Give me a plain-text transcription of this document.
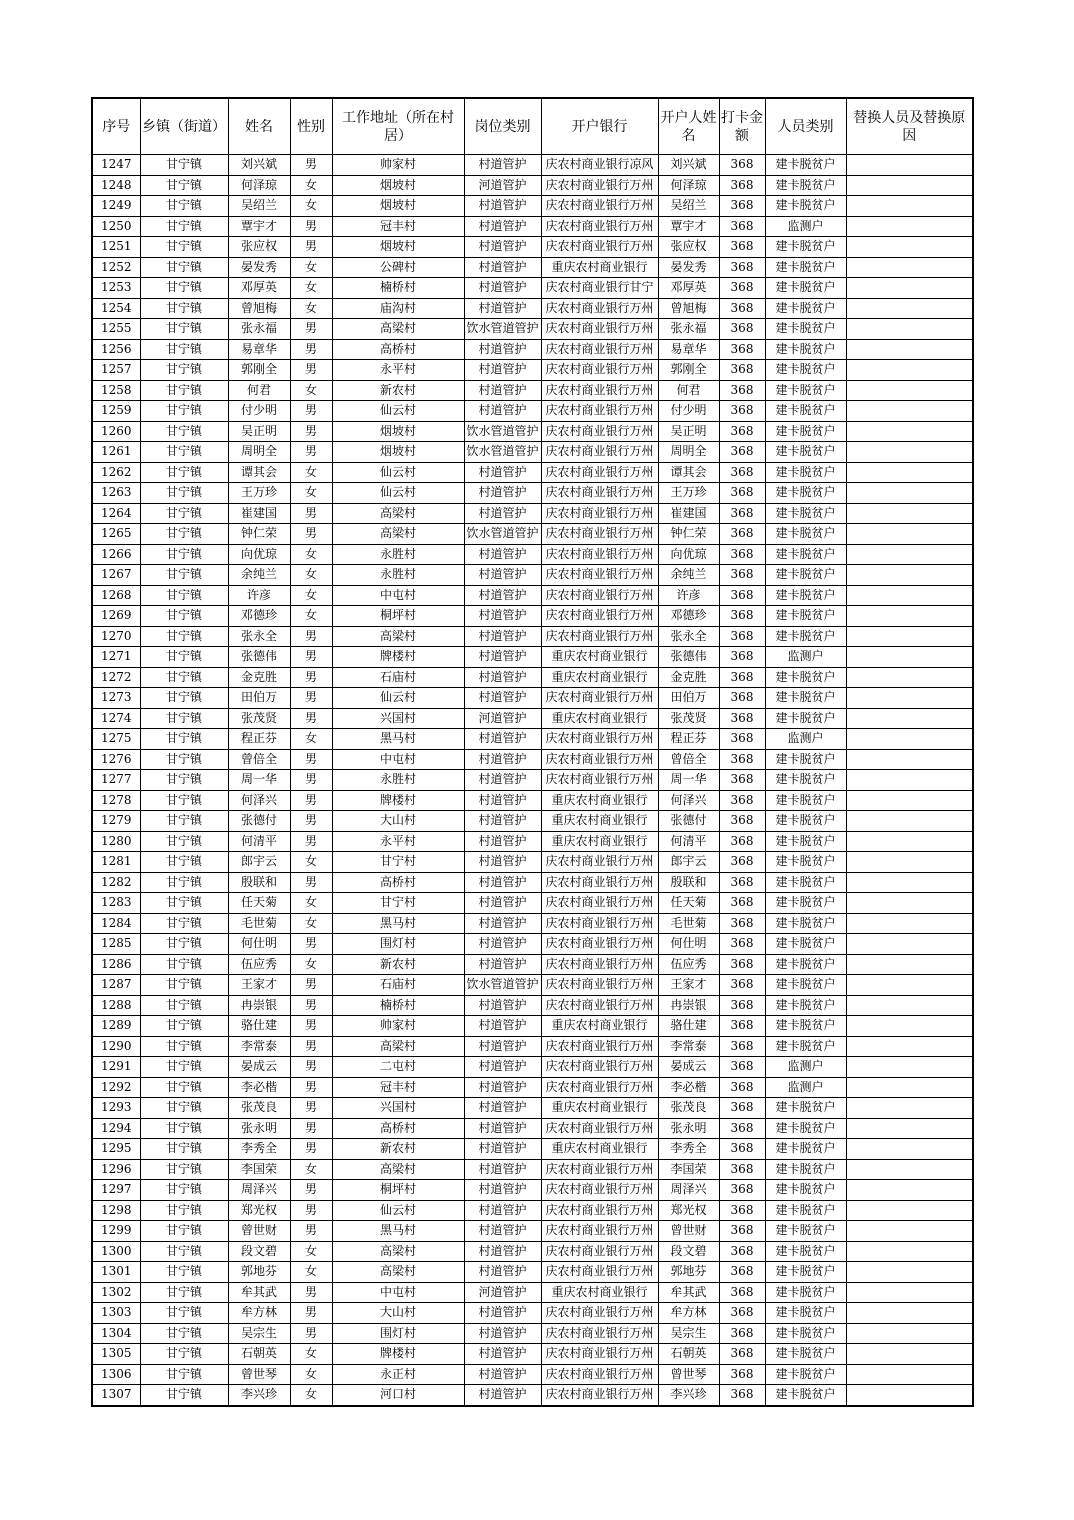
序号	乡镇（街道）	姓名	性别	工作地址（所在村居）	岗位类别	开户银行	开户人姓名	打卡金额	人员类别	替换人员及替换原因
1247	甘宁镇	刘兴斌	男	帅家村	村道管护	庆农村商业银行凉风	刘兴斌	368	建卡脱贫户	
1248	甘宁镇	何泽琼	女	烟坡村	河道管护	庆农村商业银行万州	何泽琼	368	建卡脱贫户	
1249	甘宁镇	吴绍兰	女	烟坡村	村道管护	庆农村商业银行万州	吴绍兰	368	建卡脱贫户	
1250	甘宁镇	覃宇才	男	冠丰村	村道管护	庆农村商业银行万州	覃宇才	368	监测户	
1251	甘宁镇	张应权	男	烟坡村	村道管护	庆农村商业银行万州	张应权	368	建卡脱贫户	
1252	甘宁镇	晏发秀	女	公碑村	村道管护	重庆农村商业银行	晏发秀	368	建卡脱贫户	
1253	甘宁镇	邓厚英	女	楠桥村	村道管护	庆农村商业银行甘宁	邓厚英	368	建卡脱贫户	
1254	甘宁镇	曾旭梅	女	庙沟村	村道管护	庆农村商业银行万州	曾旭梅	368	建卡脱贫户	
1255	甘宁镇	张永福	男	高梁村	饮水管道管护	庆农村商业银行万州	张永福	368	建卡脱贫户	
1256	甘宁镇	易章华	男	高桥村	村道管护	庆农村商业银行万州	易章华	368	建卡脱贫户	
1257	甘宁镇	郭刚全	男	永平村	村道管护	庆农村商业银行万州	郭刚全	368	建卡脱贫户	
1258	甘宁镇	何君	女	新农村	村道管护	庆农村商业银行万州	何君	368	建卡脱贫户	
1259	甘宁镇	付少明	男	仙云村	村道管护	庆农村商业银行万州	付少明	368	建卡脱贫户	
1260	甘宁镇	吴正明	男	烟坡村	饮水管道管护	庆农村商业银行万州	吴正明	368	建卡脱贫户	
1261	甘宁镇	周明全	男	烟坡村	饮水管道管护	庆农村商业银行万州	周明全	368	建卡脱贫户	
1262	甘宁镇	谭其会	女	仙云村	村道管护	庆农村商业银行万州	谭其会	368	建卡脱贫户	
1263	甘宁镇	王万珍	女	仙云村	村道管护	庆农村商业银行万州	王万珍	368	建卡脱贫户	
1264	甘宁镇	崔建国	男	高梁村	村道管护	庆农村商业银行万州	崔建国	368	建卡脱贫户	
1265	甘宁镇	钟仁荣	男	高梁村	饮水管道管护	庆农村商业银行万州	钟仁荣	368	建卡脱贫户	
1266	甘宁镇	向优琼	女	永胜村	村道管护	庆农村商业银行万州	向优琼	368	建卡脱贫户	
1267	甘宁镇	余纯兰	女	永胜村	村道管护	庆农村商业银行万州	余纯兰	368	建卡脱贫户	
1268	甘宁镇	许彦	女	中屯村	村道管护	庆农村商业银行万州	许彦	368	建卡脱贫户	
1269	甘宁镇	邓德珍	女	桐坪村	村道管护	庆农村商业银行万州	邓德珍	368	建卡脱贫户	
1270	甘宁镇	张永全	男	高梁村	村道管护	庆农村商业银行万州	张永全	368	建卡脱贫户	
1271	甘宁镇	张德伟	男	牌楼村	村道管护	重庆农村商业银行	张德伟	368	监测户	
1272	甘宁镇	金克胜	男	石庙村	村道管护	重庆农村商业银行	金克胜	368	建卡脱贫户	
1273	甘宁镇	田伯万	男	仙云村	村道管护	庆农村商业银行万州	田伯万	368	建卡脱贫户	
1274	甘宁镇	张茂贤	男	兴国村	河道管护	重庆农村商业银行	张茂贤	368	建卡脱贫户	
1275	甘宁镇	程正芬	女	黑马村	村道管护	庆农村商业银行万州	程正芬	368	监测户	
1276	甘宁镇	曾倍全	男	中屯村	村道管护	庆农村商业银行万州	曾倍全	368	建卡脱贫户	
1277	甘宁镇	周一华	男	永胜村	村道管护	庆农村商业银行万州	周一华	368	建卡脱贫户	
1278	甘宁镇	何泽兴	男	牌楼村	村道管护	重庆农村商业银行	何泽兴	368	建卡脱贫户	
1279	甘宁镇	张德付	男	大山村	村道管护	重庆农村商业银行	张德付	368	建卡脱贫户	
1280	甘宁镇	何清平	男	永平村	村道管护	重庆农村商业银行	何清平	368	建卡脱贫户	
1281	甘宁镇	郎宇云	女	甘宁村	村道管护	庆农村商业银行万州	郎宇云	368	建卡脱贫户	
1282	甘宁镇	殷联和	男	高桥村	村道管护	庆农村商业银行万州	殷联和	368	建卡脱贫户	
1283	甘宁镇	任天菊	女	甘宁村	村道管护	庆农村商业银行万州	任天菊	368	建卡脱贫户	
1284	甘宁镇	毛世菊	女	黑马村	村道管护	庆农村商业银行万州	毛世菊	368	建卡脱贫户	
1285	甘宁镇	何仕明	男	围灯村	村道管护	庆农村商业银行万州	何仕明	368	建卡脱贫户	
1286	甘宁镇	伍应秀	女	新农村	村道管护	庆农村商业银行万州	伍应秀	368	建卡脱贫户	
1287	甘宁镇	王家才	男	石庙村	饮水管道管护	庆农村商业银行万州	王家才	368	建卡脱贫户	
1288	甘宁镇	冉崇银	男	楠桥村	村道管护	庆农村商业银行万州	冉崇银	368	建卡脱贫户	
1289	甘宁镇	骆仕建	男	帅家村	村道管护	重庆农村商业银行	骆仕建	368	建卡脱贫户	
1290	甘宁镇	李常泰	男	高梁村	村道管护	庆农村商业银行万州	李常泰	368	建卡脱贫户	
1291	甘宁镇	晏成云	男	二屯村	村道管护	庆农村商业银行万州	晏成云	368	监测户	
1292	甘宁镇	李必楷	男	冠丰村	村道管护	庆农村商业银行万州	李必楷	368	监测户	
1293	甘宁镇	张茂良	男	兴国村	村道管护	重庆农村商业银行	张茂良	368	建卡脱贫户	
1294	甘宁镇	张永明	男	高桥村	村道管护	庆农村商业银行万州	张永明	368	建卡脱贫户	
1295	甘宁镇	李秀全	男	新农村	村道管护	重庆农村商业银行	李秀全	368	建卡脱贫户	
1296	甘宁镇	李国荣	女	高梁村	村道管护	庆农村商业银行万州	李国荣	368	建卡脱贫户	
1297	甘宁镇	周泽兴	男	桐坪村	村道管护	庆农村商业银行万州	周泽兴	368	建卡脱贫户	
1298	甘宁镇	郑光权	男	仙云村	村道管护	庆农村商业银行万州	郑光权	368	建卡脱贫户	
1299	甘宁镇	曾世财	男	黑马村	村道管护	庆农村商业银行万州	曾世财	368	建卡脱贫户	
1300	甘宁镇	段文碧	女	高梁村	村道管护	庆农村商业银行万州	段文碧	368	建卡脱贫户	
1301	甘宁镇	郭地芬	女	高梁村	村道管护	庆农村商业银行万州	郭地芬	368	建卡脱贫户	
1302	甘宁镇	牟其武	男	中屯村	河道管护	重庆农村商业银行	牟其武	368	建卡脱贫户	
1303	甘宁镇	牟方林	男	大山村	村道管护	庆农村商业银行万州	牟方林	368	建卡脱贫户	
1304	甘宁镇	吴宗生	男	围灯村	村道管护	庆农村商业银行万州	吴宗生	368	建卡脱贫户	
1305	甘宁镇	石朝英	女	牌楼村	村道管护	庆农村商业银行万州	石朝英	368	建卡脱贫户	
1306	甘宁镇	曾世琴	女	永正村	村道管护	庆农村商业银行万州	曾世琴	368	建卡脱贫户	
1307	甘宁镇	李兴珍	女	河口村	村道管护	庆农村商业银行万州	李兴珍	368	建卡脱贫户	
